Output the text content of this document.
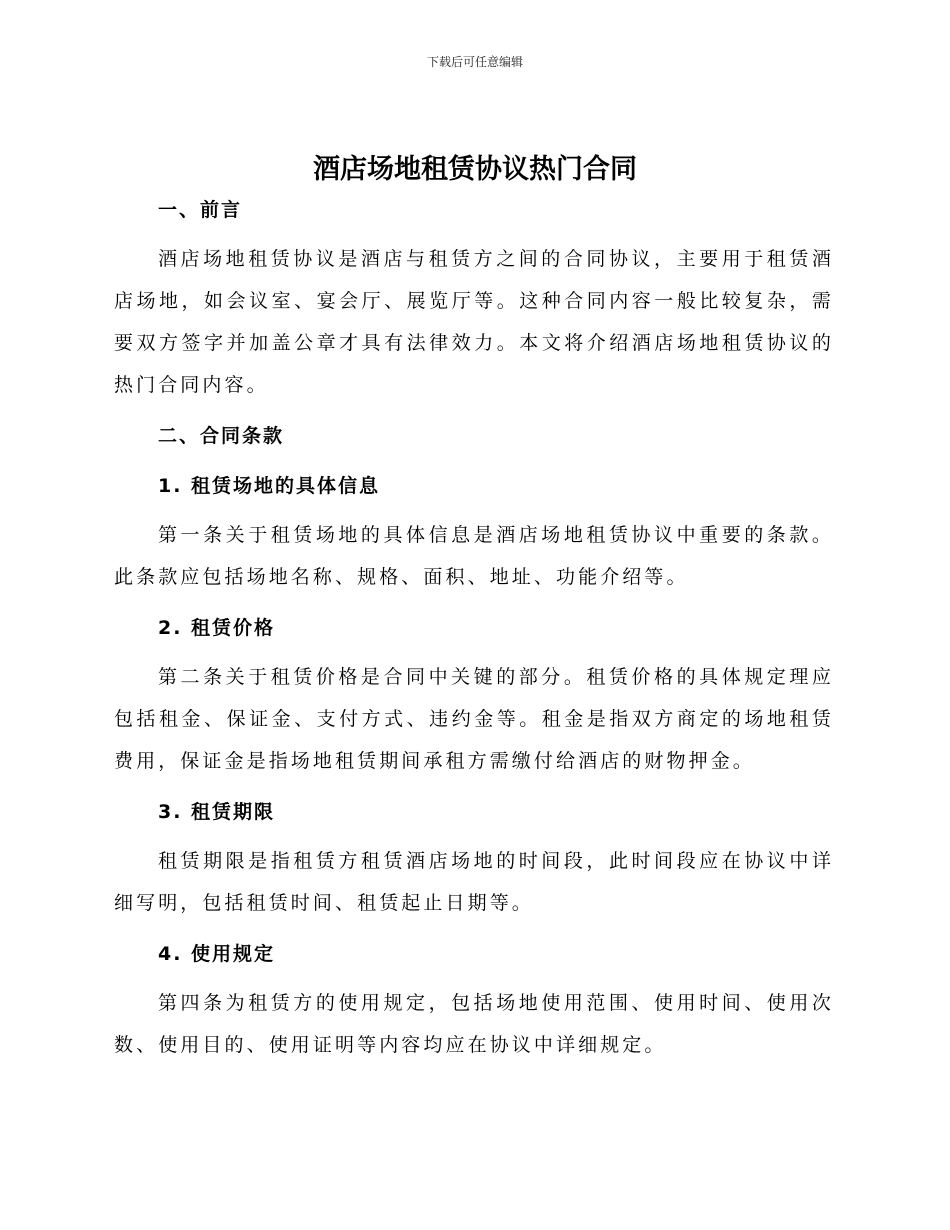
下载后可任意编辑
酒店场地租赁协议热门合同
一、前言

酒店场地租赁协议是酒店与租赁方之间的合同协议，主要用于租赁酒店场地，如会议室、宴会厅、展览厅等。这种合同内容一般比较复杂，需要双方签字并加盖公章才具有法律效力。本文将介绍酒店场地租赁协议的热门合同内容。

二、合同条款
1. 租赁场地的具体信息

第一条关于租赁场地的具体信息是酒店场地租赁协议中重要的条款。此条款应包括场地名称、规格、面积、地址、功能介绍等。

2. 租赁价格

第二条关于租赁价格是合同中关键的部分。租赁价格的具体规定理应包括租金、保证金、支付方式、违约金等。租金是指双方商定的场地租赁费用，保证金是指场地租赁期间承租方需缴付给酒店的财物押金。

3. 租赁期限

租赁期限是指租赁方租赁酒店场地的时间段，此时间段应在协议中详细写明，包括租赁时间、租赁起止日期等。

4. 使用规定

第四条为租赁方的使用规定，包括场地使用范围、使用时间、使用次数、使用目的、使用证明等内容均应在协议中详细规定。
